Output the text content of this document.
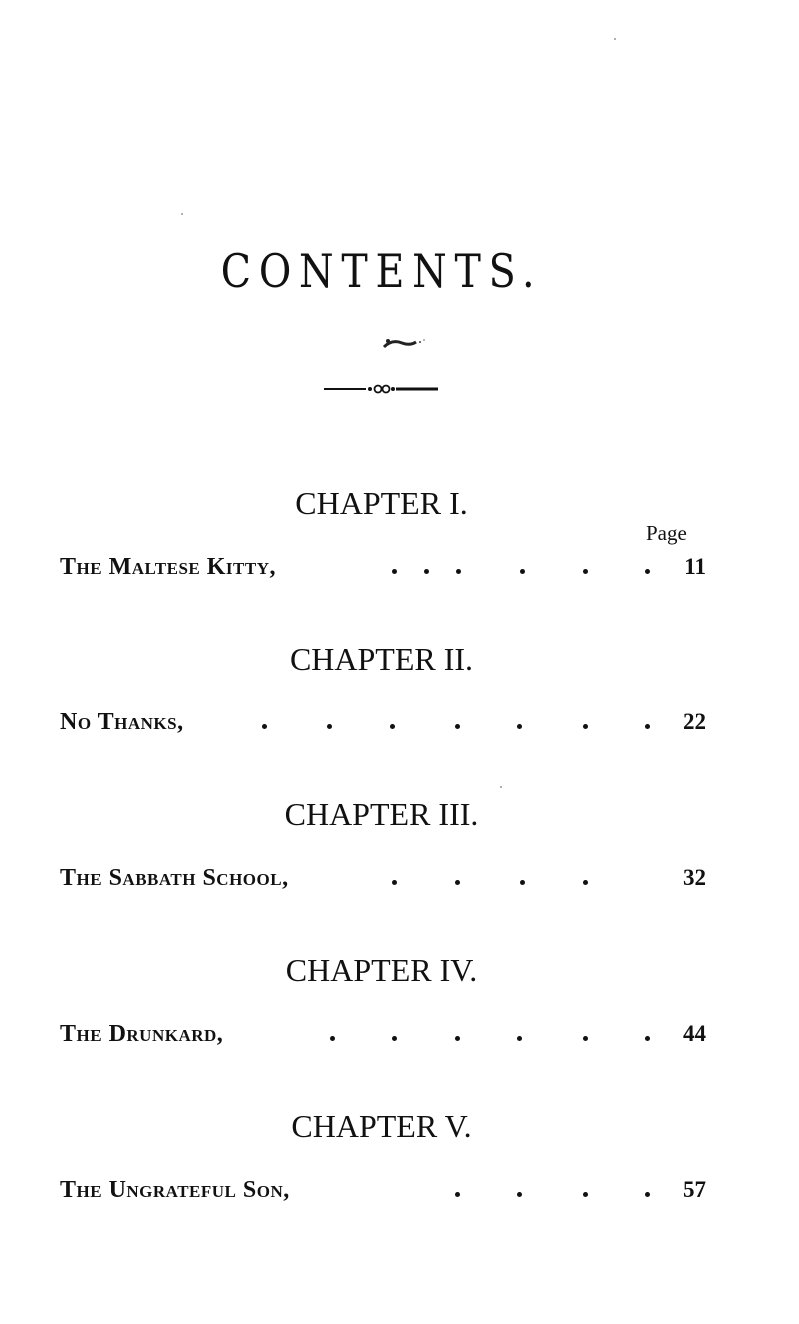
CONTENTS.
CHAPTER I.
Page
The Maltese Kitty,	11
CHAPTER II.
No Thanks,	22
CHAPTER III.
The Sabbath School,	32
CHAPTER IV.
The Drunkard,	44
CHAPTER V.
The Ungrateful Son,	57
